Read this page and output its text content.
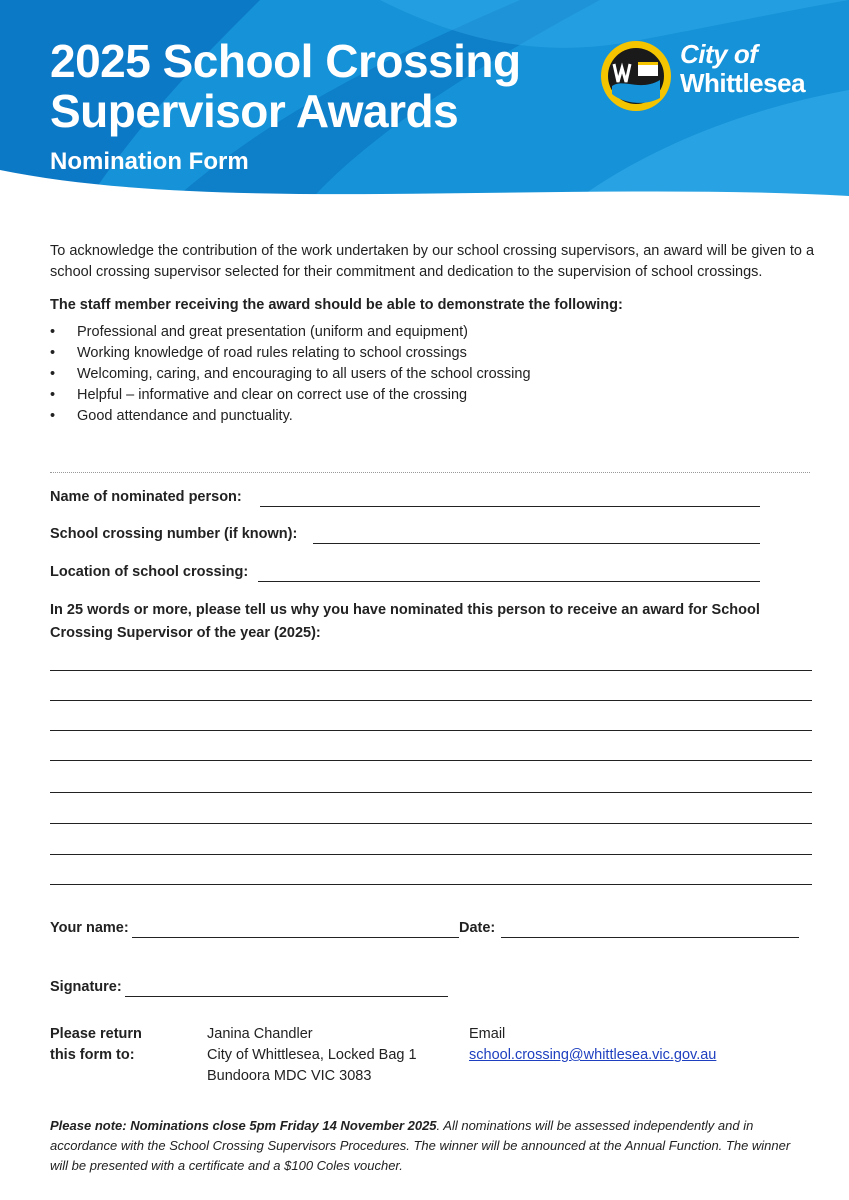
2025 School Crossing
Supervisor Awards
Nomination Form
City of
Whittlesea

To acknowledge the contribution of the work undertaken by our school crossing supervisors, an award will be given to a school crossing supervisor selected for their commitment and dedication to the supervision of school crossings.

The staff member receiving the award should be able to demonstrate the following:

• Professional and great presentation (uniform and equipment)
• Working knowledge of road rules relating to school crossings
• Welcoming, caring, and encouraging to all users of the school crossing
• Helpful – informative and clear on correct use of the crossing
• Good attendance and punctuality.
Name of nominated person:
School crossing number (if known):
Location of school crossing:

In 25 words or more, please tell us why you have nominated this person to receive an award for School Crossing Supervisor of the year (2025):

Your name:	Date:
Signature:
Please return
this form to:
Janina Chandler
City of Whittlesea, Locked Bag 1
Bundoora MDC VIC 3083
Email
school.crossing@whittlesea.vic.gov.au

Please note: Nominations close 5pm Friday 14 November 2025. All nominations will be assessed independently and in accordance with the School Crossing Supervisors Procedures. The winner will be announced at the Annual Function. The winner will be presented with a certificate and a $100 Coles voucher.
